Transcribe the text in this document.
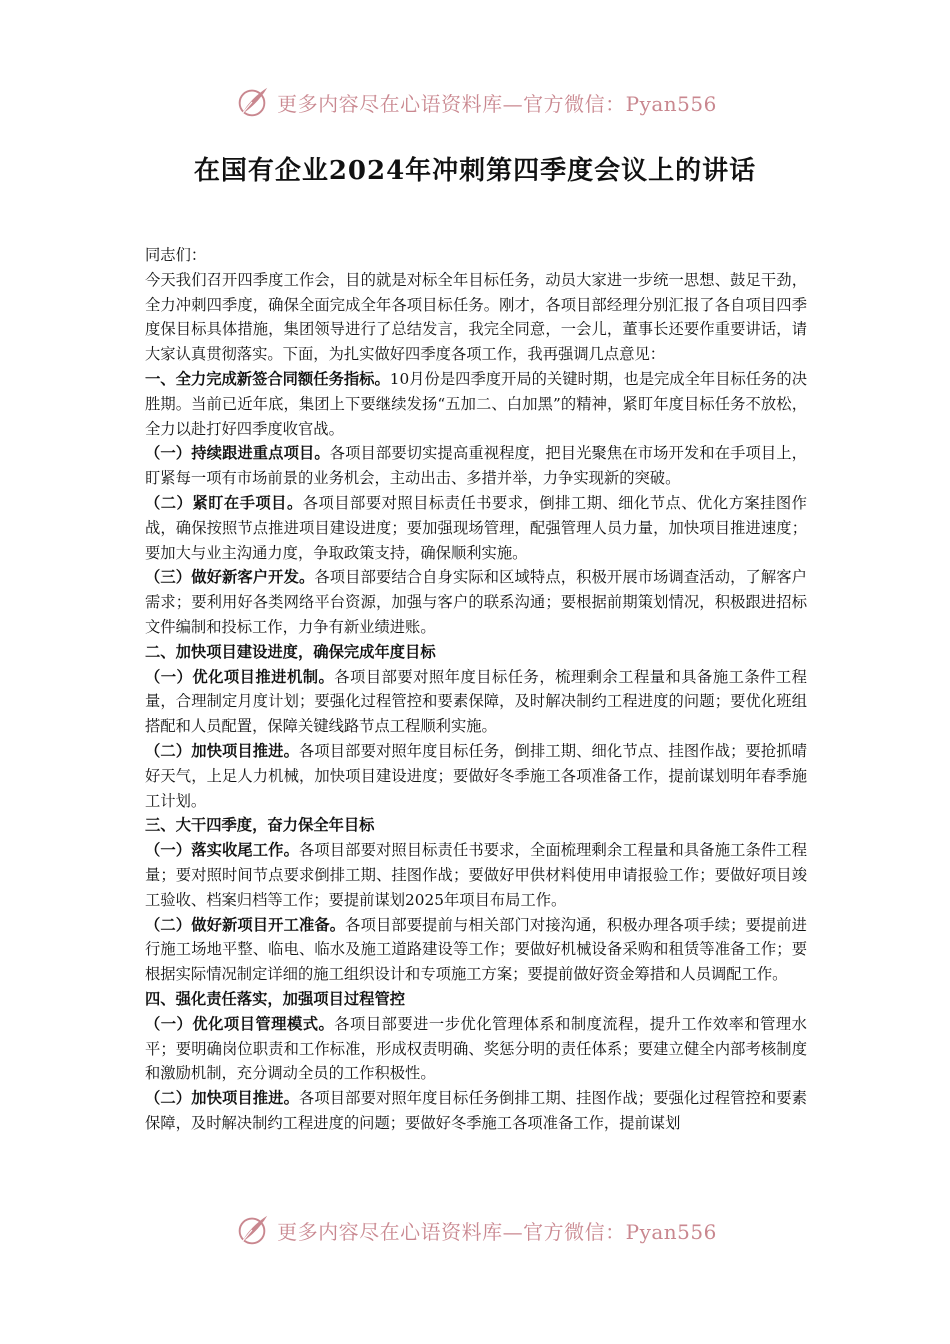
更多内容尽在心语资料库—官方微信：Pyan556
在国有企业2024年冲刺第四季度会议上的讲话

同志们：

今天我们召开四季度工作会，目的就是对标全年目标任务，动员大家进一步统一思想、鼓足干劲，全力冲刺四季度，确保全面完成全年各项目标任务。刚才，各项目部经理分别汇报了各自项目四季度保目标具体措施，集团领导进行了总结发言，我完全同意，一会儿，董事长还要作重要讲话，请大家认真贯彻落实。下面，为扎实做好四季度各项工作，我再强调几点意见：

一、全力完成新签合同额任务指标。10月份是四季度开局的关键时期，也是完成全年目标任务的决胜期。当前已近年底，集团上下要继续发扬“五加二、白加黑”的精神，紧盯年度目标任务不放松，全力以赴打好四季度收官战。

（一）持续跟进重点项目。各项目部要切实提高重视程度，把目光聚焦在市场开发和在手项目上，盯紧每一项有市场前景的业务机会，主动出击、多措并举，力争实现新的突破。

（二）紧盯在手项目。各项目部要对照目标责任书要求，倒排工期、细化节点、优化方案挂图作战，确保按照节点推进项目建设进度；要加强现场管理，配强管理人员力量，加快项目推进速度；要加大与业主沟通力度，争取政策支持，确保顺利实施。

（三）做好新客户开发。各项目部要结合自身实际和区域特点，积极开展市场调查活动，了解客户需求；要利用好各类网络平台资源，加强与客户的联系沟通；要根据前期策划情况，积极跟进招标文件编制和投标工作，力争有新业绩进账。

二、加快项目建设进度，确保完成年度目标

（一）优化项目推进机制。各项目部要对照年度目标任务，梳理剩余工程量和具备施工条件工程量，合理制定月度计划；要强化过程管控和要素保障，及时解决制约工程进度的问题；要优化班组搭配和人员配置，保障关键线路节点工程顺利实施。

（二）加快项目推进。各项目部要对照年度目标任务，倒排工期、细化节点、挂图作战；要抢抓晴好天气，上足人力机械，加快项目建设进度；要做好冬季施工各项准备工作，提前谋划明年春季施工计划。

三、大干四季度，奋力保全年目标

（一）落实收尾工作。各项目部要对照目标责任书要求，全面梳理剩余工程量和具备施工条件工程量；要对照时间节点要求倒排工期、挂图作战；要做好甲供材料使用申请报验工作；要做好项目竣工验收、档案归档等工作；要提前谋划2025年项目布局工作。

（二）做好新项目开工准备。各项目部要提前与相关部门对接沟通，积极办理各项手续；要提前进行施工场地平整、临电、临水及施工道路建设等工作；要做好机械设备采购和租赁等准备工作；要根据实际情况制定详细的施工组织设计和专项施工方案；要提前做好资金筹措和人员调配工作。

四、强化责任落实，加强项目过程管控

（一）优化项目管理模式。各项目部要进一步优化管理体系和制度流程，提升工作效率和管理水平；要明确岗位职责和工作标准，形成权责明确、奖惩分明的责任体系；要建立健全内部考核制度和激励机制，充分调动全员的工作积极性。

（二）加快项目推进。各项目部要对照年度目标任务倒排工期、挂图作战；要强化过程管控和要素保障，及时解决制约工程进度的问题；要做好冬季施工各项准备工作，提前谋划

更多内容尽在心语资料库—官方微信：Pyan556
